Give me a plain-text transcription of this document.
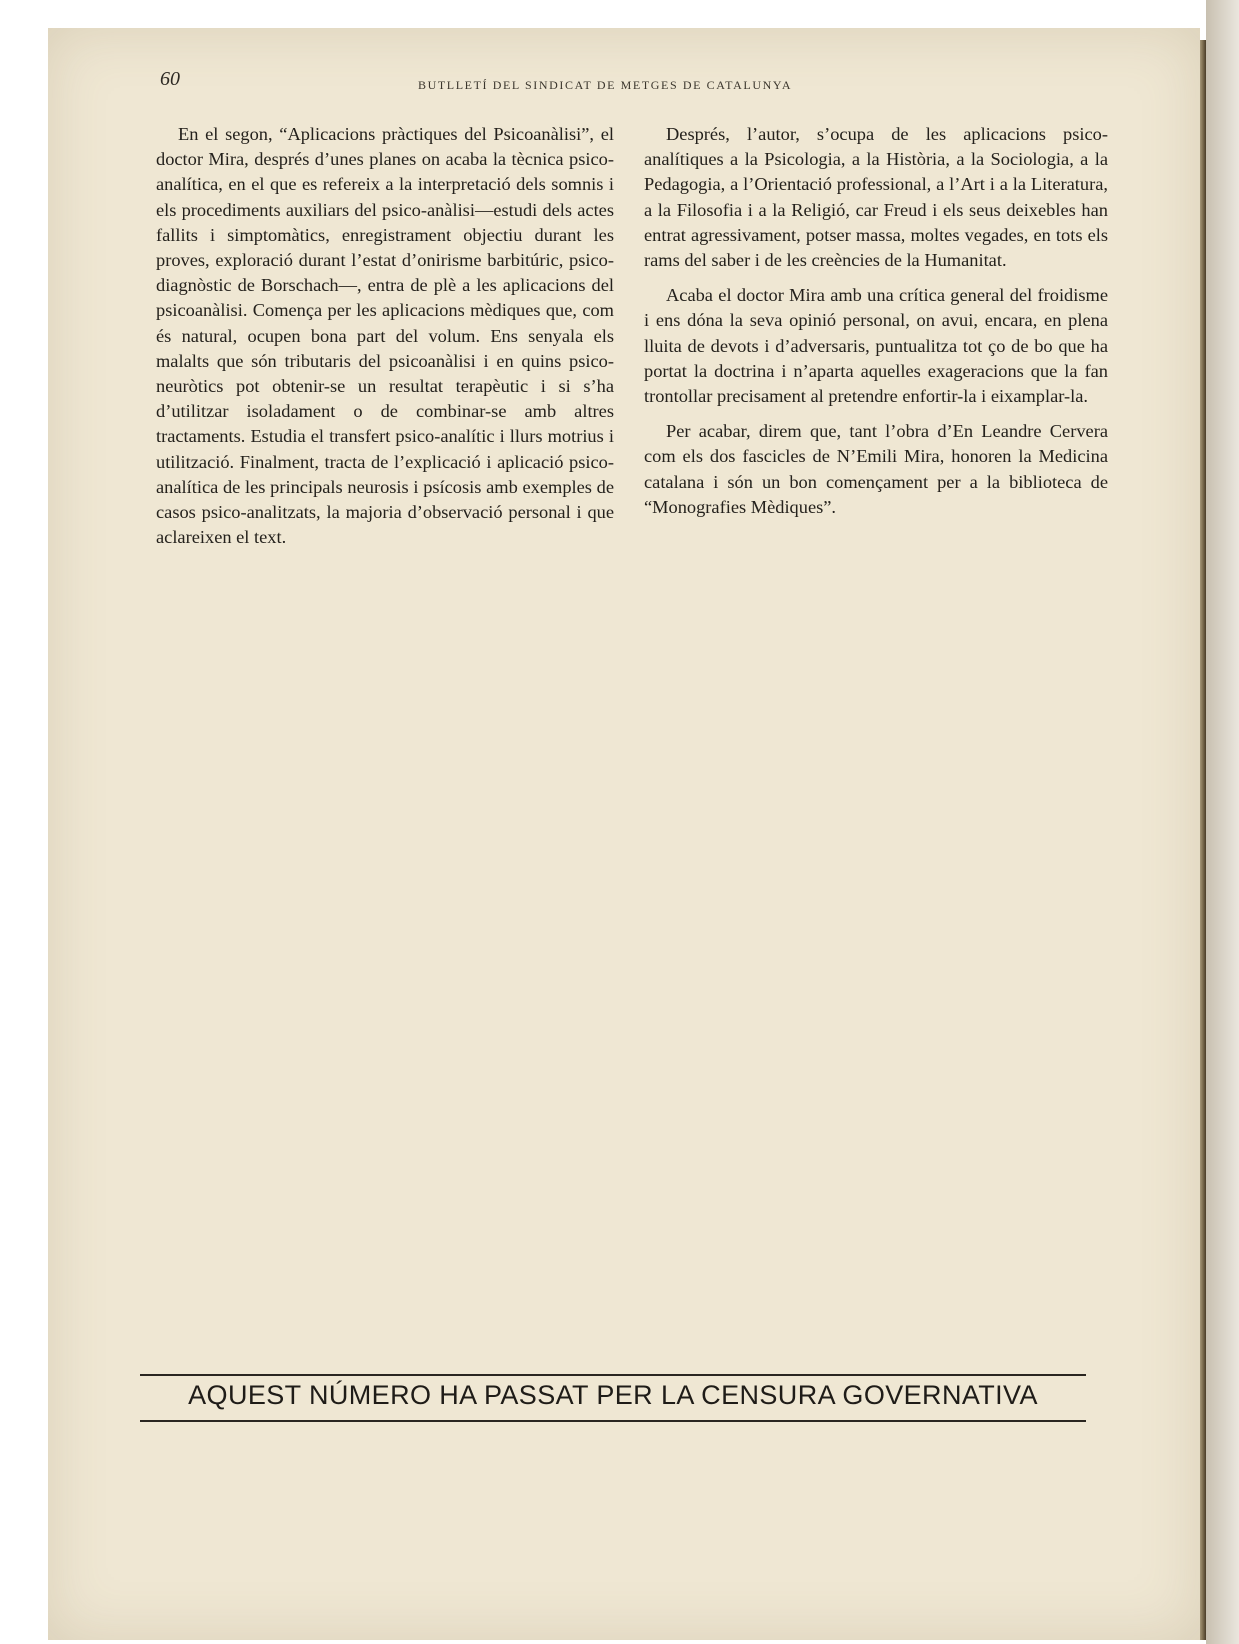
60	BUTLLETÍ DEL SINDICAT DE METGES DE CATALUNYA

En el segon, “Aplicacions pràctiques del Psicoanàlisi”, el doctor Mira, després d’unes planes on acaba la tècnica psico-analítica, en el que es refereix a la interpretació dels somnis i els procediments auxiliars del psico-anàlisi—estudi dels actes fallits i simptomàtics, enregistrament objectiu durant les proves, exploració durant l’estat d’onirisme barbitúric, psico-diagnòstic de Borschach—, entra de plè a les aplicacions del psicoanàlisi. Comença per les aplicacions mèdiques que, com és natural, ocupen bona part del volum. Ens senyala els malalts que són tributaris del psicoanàlisi i en quins psico-neuròtics pot obtenir-se un resultat terapèutic i si s’ha d’utilitzar isoladament o de combinar-se amb altres tractaments. Estudia el transfert psico-analític i llurs motrius i utilització. Finalment, tracta de l’explicació i aplicació psico-analítica de les principals neurosis i psícosis amb exemples de casos psico-analitzats, la majoria d’observació personal i que aclareixen el text.

Després, l’autor, s’ocupa de les aplicacions psico-analítiques a la Psicologia, a la Història, a la Sociologia, a la Pedagogia, a l’Orientació professional, a l’Art i a la Literatura, a la Filosofia i a la Religió, car Freud i els seus deixebles han entrat agressivament, potser massa, moltes vegades, en tots els rams del saber i de les creències de la Humanitat.

Acaba el doctor Mira amb una crítica general del froidisme i ens dóna la seva opinió personal, on avui, encara, en plena lluita de devots i d’adversaris, puntualitza tot ço de bo que ha portat la doctrina i n’aparta aquelles exageracions que la fan trontollar precisament al pretendre enfortir-la i eixamplar-la.

Per acabar, direm que, tant l’obra d’En Leandre Cervera com els dos fascicles de N’Emili Mira, honoren la Medicina catalana i són un bon començament per a la biblioteca de “Monografies Mèdiques”.

AQUEST NÚMERO HA PASSAT PER LA CENSURA GOVERNATIVA
